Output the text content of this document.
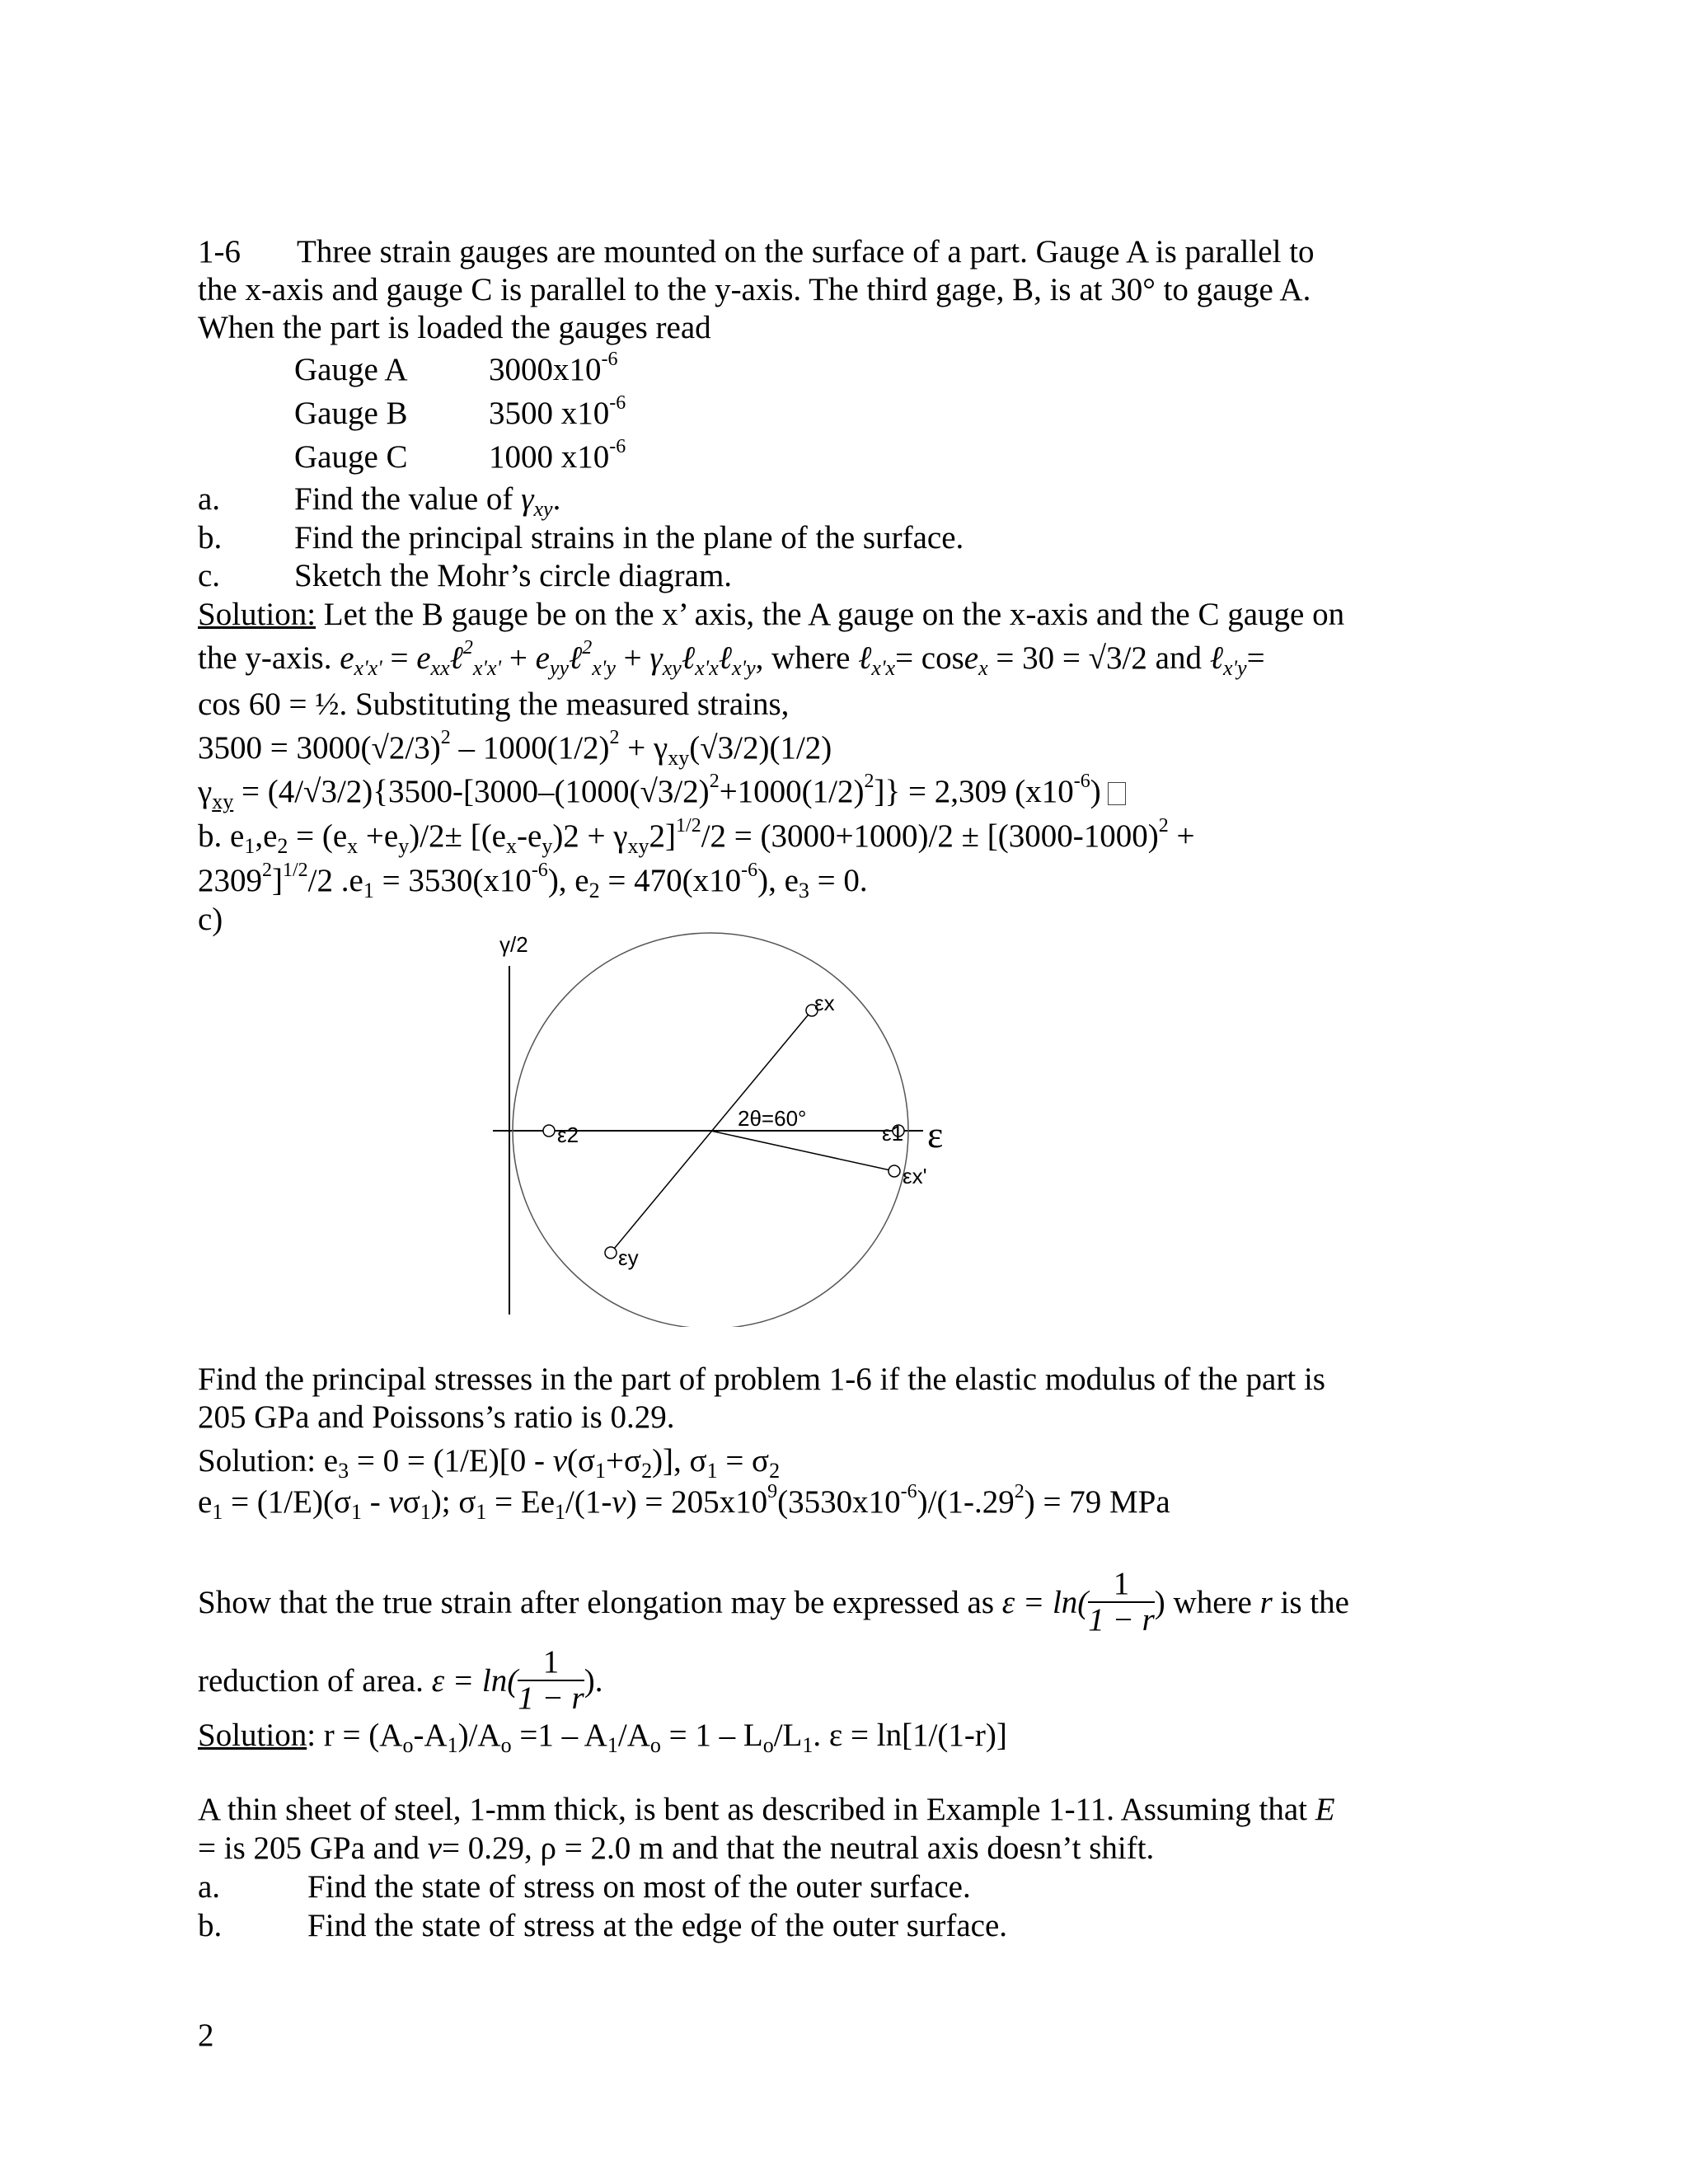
1-6 Three strain gauges are mounted on the surface of a part. Gauge A is parallel to
the x-axis and gauge C is parallel to the y-axis. The third gage, B, is at 30° to gauge A.
When the part is loaded the gauges read
Gauge A	$3000x10^{-6}$
Gauge B	3500 $x10^{-6}$
Gauge C	1000 $x10^{-6}$
a. Find the value of $\gamma_{xy}$.
b. Find the principal strains in the plane of the surface.
c. Sketch the Mohr’s circle diagram.
Solution: Let the B gauge be on the x’ axis, the A gauge on the x-axis and the C gauge on
the y-axis. $e_{x'x'}$ = $e_{xx}\ell^2_{x'x'}$ + $e_{yy}\ell^2_{x'y}$ + $\gamma_{xy}\ell_{x'x}\ell_{x'y}$, where ℓ$_{x'x}$= cose$_x$ = 30 = √3/2 and ℓ$_{x'y}$=
cos 60 = ½. Substituting the measured strains,
$3500 = 3000(√2/3)^2 - 1000(1/2)^2 + \gamma_{xy}(√3/2)(1/2)$
$\gamma_{xy} = (4/√3/2)\{3500-[3000-(1000(√3/2)^2+1000(1/2)^2]\} = 2,309$ $(x10^{-6})$
b. $e_1,e_2 = (e_x +e_y)/2\pm [(e_x-e_y)2 + \gamma_{xy}2]^{1/2}/2 = (3000+1000)/2 \pm [(3000-1000)^2$ +
$2309^2]^{1/2}/2$ $.e_1 = 3530(x10^{-6})$, $e_2 = 470(x10^{-6})$, $e_3 = 0$.
c)
γ/2
ε2	ε1
εx
εy
εx'
2θ=60°	ε
Find the principal stresses in the part of problem 1-6 if the elastic modulus of the part is
205 GPa and Poissons’s ratio is 0.29.
Solution: $e_3 = 0 = (1/E)[0 - \nu(\sigma_1+\sigma_2)]$, $\sigma_1 = \sigma_2$
$e_1 = (1/E)(\sigma_1 - \nu\sigma_1)$; $\sigma_1 = Ee_1/(1-\nu) = 205x10^9(3530x10^{-6})/(1-.29^2) = 79$ MPa
Show that the true strain after elongation may be expressed as $\varepsilon = \ln( \frac{1}{1 - r}$ ) where r is the
reduction of area. $\varepsilon = \ln( \frac{1}{1 - r}$ ).
Solution: $r = (A_o-A_1)/A_o =1 - A_1/A_o = 1 - L_o/L_1$. ε = ln[1/(1-r)]
A thin sheet of steel, 1-mm thick, is bent as described in Example 1-11. Assuming that E
= is 205 GPa and ν= 0.29, ρ = 2.0 m and that the neutral axis doesn’t shift.
a.	Find the state of stress on most of the outer surface.
b.	Find the state of stress at the edge of the outer surface.
2
